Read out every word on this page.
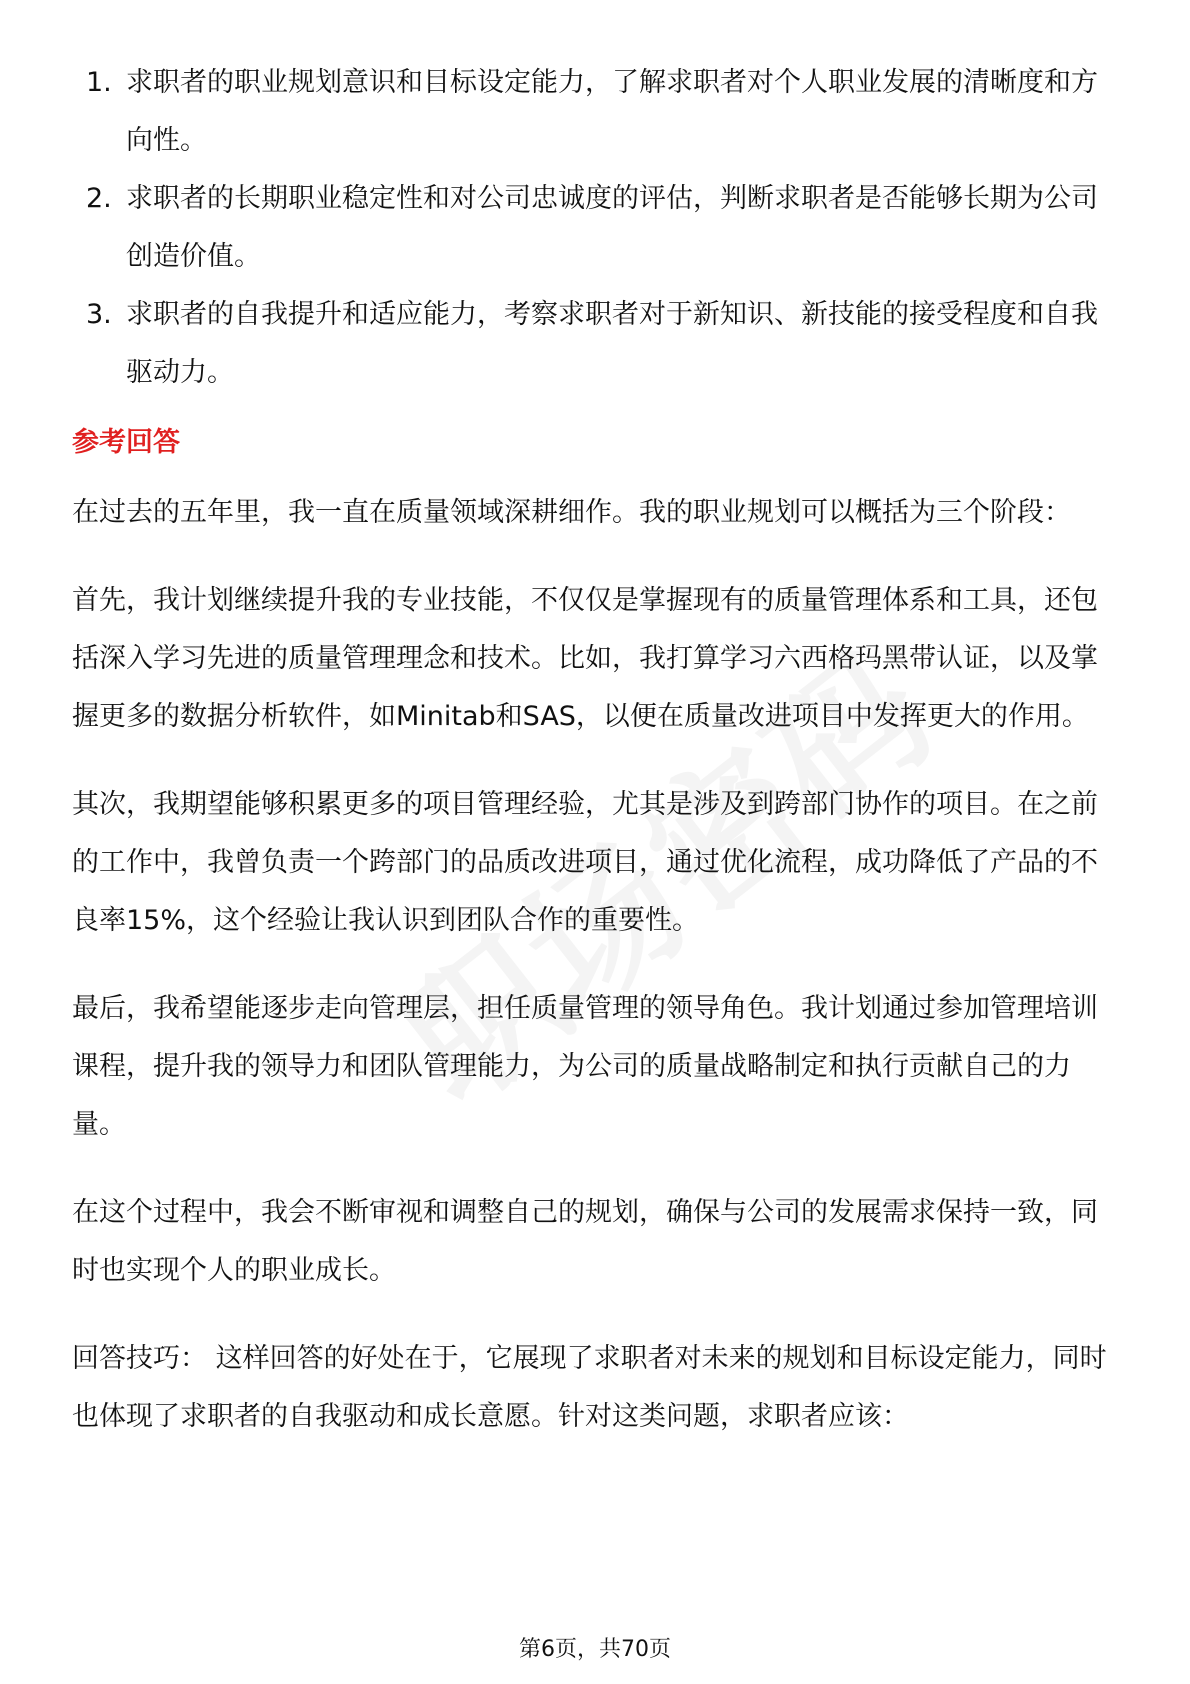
1. 求职者的职业规划意识和目标设定能力，了解求职者对个人职业发展的清晰度和方向性。
2. 求职者的长期职业稳定性和对公司忠诚度的评估，判断求职者是否能够长期为公司创造价值。
3. 求职者的自我提升和适应能力，考察求职者对于新知识、新技能的接受程度和自我驱动力。
参考回答

在过去的五年里，我一直在质量领域深耕细作。我的职业规划可以概括为三个阶段：

首先，我计划继续提升我的专业技能，不仅仅是掌握现有的质量管理体系和工具，还包括深入学习先进的质量管理理念和技术。比如，我打算学习六西格玛黑带认证，以及掌握更多的数据分析软件，如Minitab和SAS，以便在质量改进项目中发挥更大的作用。

其次，我期望能够积累更多的项目管理经验，尤其是涉及到跨部门协作的项目。在之前的工作中，我曾负责一个跨部门的品质改进项目，通过优化流程，成功降低了产品的不良率15%，这个经验让我认识到团队合作的重要性。

最后，我希望能逐步走向管理层，担任质量管理的领导角色。我计划通过参加管理培训课程，提升我的领导力和团队管理能力，为公司的质量战略制定和执行贡献自己的力量。

在这个过程中，我会不断审视和调整自己的规划，确保与公司的发展需求保持一致，同时也实现个人的职业成长。

回答技巧： 这样回答的好处在于，它展现了求职者对未来的规划和目标设定能力，同时也体现了求职者的自我驱动和成长意愿。针对这类问题，求职者应该：

第6页，共70页
